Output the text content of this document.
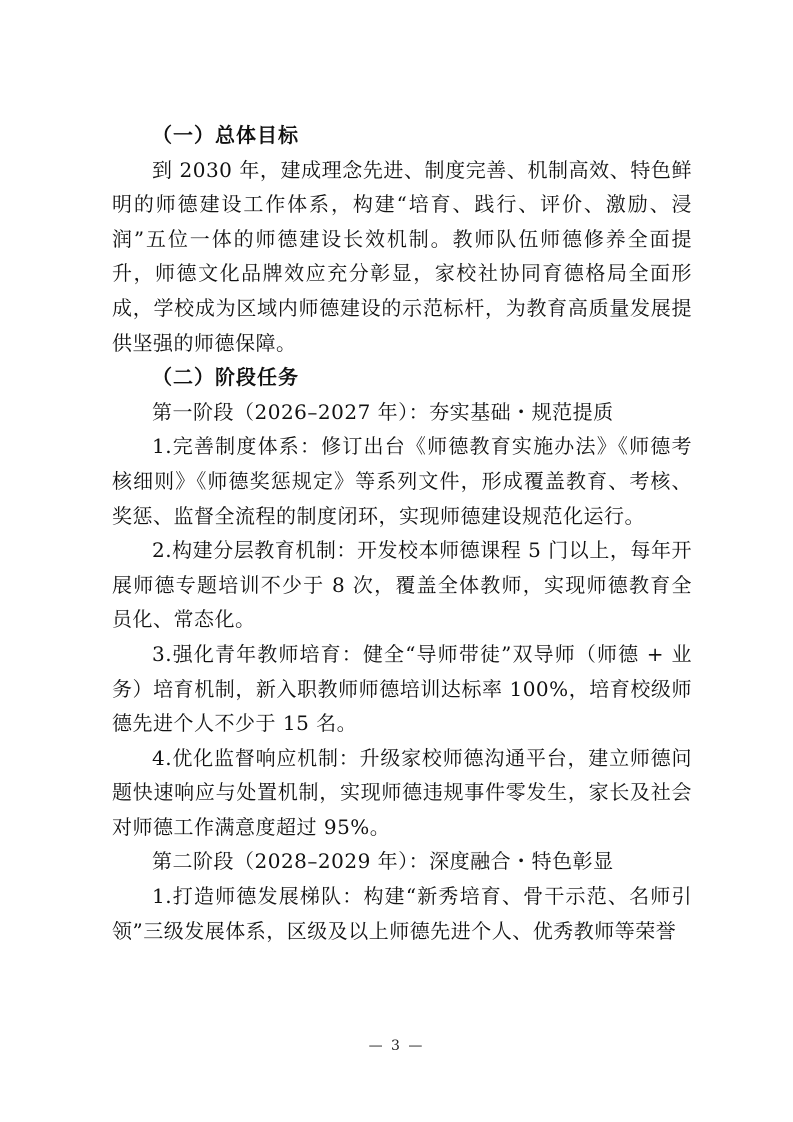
（一）总体目标

到 2030 年，建成理念先进、制度完善、机制高效、特色鲜明的师德建设工作体系，构建“培育、践行、评价、激励、浸润”五位一体的师德建设长效机制。教师队伍师德修养全面提升，师德文化品牌效应充分彰显，家校社协同育德格局全面形成，学校成为区域内师德建设的示范标杆，为教育高质量发展提供坚强的师德保障。

（二）阶段任务

第一阶段（2026–2027 年）：夯实基础・规范提质

1.完善制度体系：修订出台《师德教育实施办法》《师德考核细则》《师德奖惩规定》等系列文件，形成覆盖教育、考核、奖惩、监督全流程的制度闭环，实现师德建设规范化运行。

2.构建分层教育机制：开发校本师德课程 5 门以上，每年开展师德专题培训不少于 8 次，覆盖全体教师，实现师德教育全员化、常态化。

3.强化青年教师培育：健全“导师带徒”双导师（师德 + 业务）培育机制，新入职教师师德培训达标率 100%，培育校级师德先进个人不少于 15 名。

4.优化监督响应机制：升级家校师德沟通平台，建立师德问题快速响应与处置机制，实现师德违规事件零发生，家长及社会对师德工作满意度超过 95%。

第二阶段（2028–2029 年）：深度融合・特色彰显

1.打造师德发展梯队：构建“新秀培育、骨干示范、名师引领”三级发展体系，区级及以上师德先进个人、优秀教师等荣誉

— 3 —
